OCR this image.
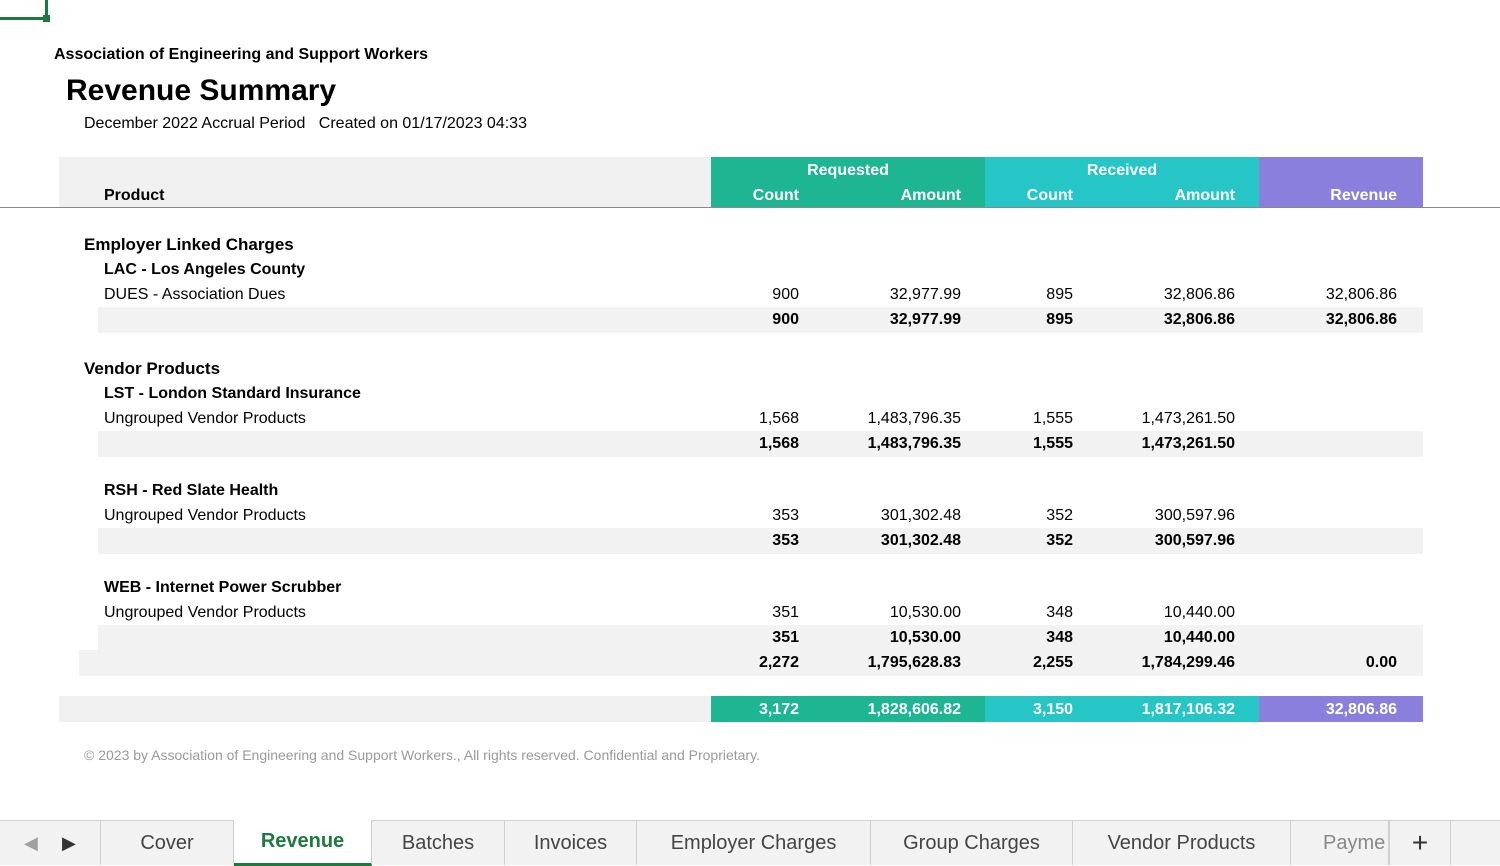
Association of Engineering and Support Workers
Revenue Summary
December 2022 Accrual Period Created on 01/17/2023 04:33
Product
Requested
Count	Amount
Received
Count	Amount	Revenue
Employer Linked Charges
LAC - Los Angeles County
DUES - Association Dues	900	32,977.99	895	32,806.86	32,806.86
900	32,977.99	895	32,806.86	32,806.86
Vendor Products
LST - London Standard Insurance
Ungrouped Vendor Products	1,568	1,483,796.35	1,555	1,473,261.50
1,568	1,483,796.35	1,555	1,473,261.50
RSH - Red Slate Health
Ungrouped Vendor Products	353	301,302.48	352	300,597.96
353	301,302.48	352	300,597.96
WEB - Internet Power Scrubber
Ungrouped Vendor Products	351	10,530.00	348	10,440.00
351	10,530.00	348	10,440.00
2,272	1,795,628.83	2,255	1,784,299.46	0.00
3,172	1,828,606.82	3,150	1,817,106.32	32,806.86
© 2023 by Association of Engineering and Support Workers., All rights reserved. Confidential and Proprietary.
◀ ▶	Cover	Revenue	Batches	Invoices	Employer Charges	Group Charges	Vendor Products	Payme +
